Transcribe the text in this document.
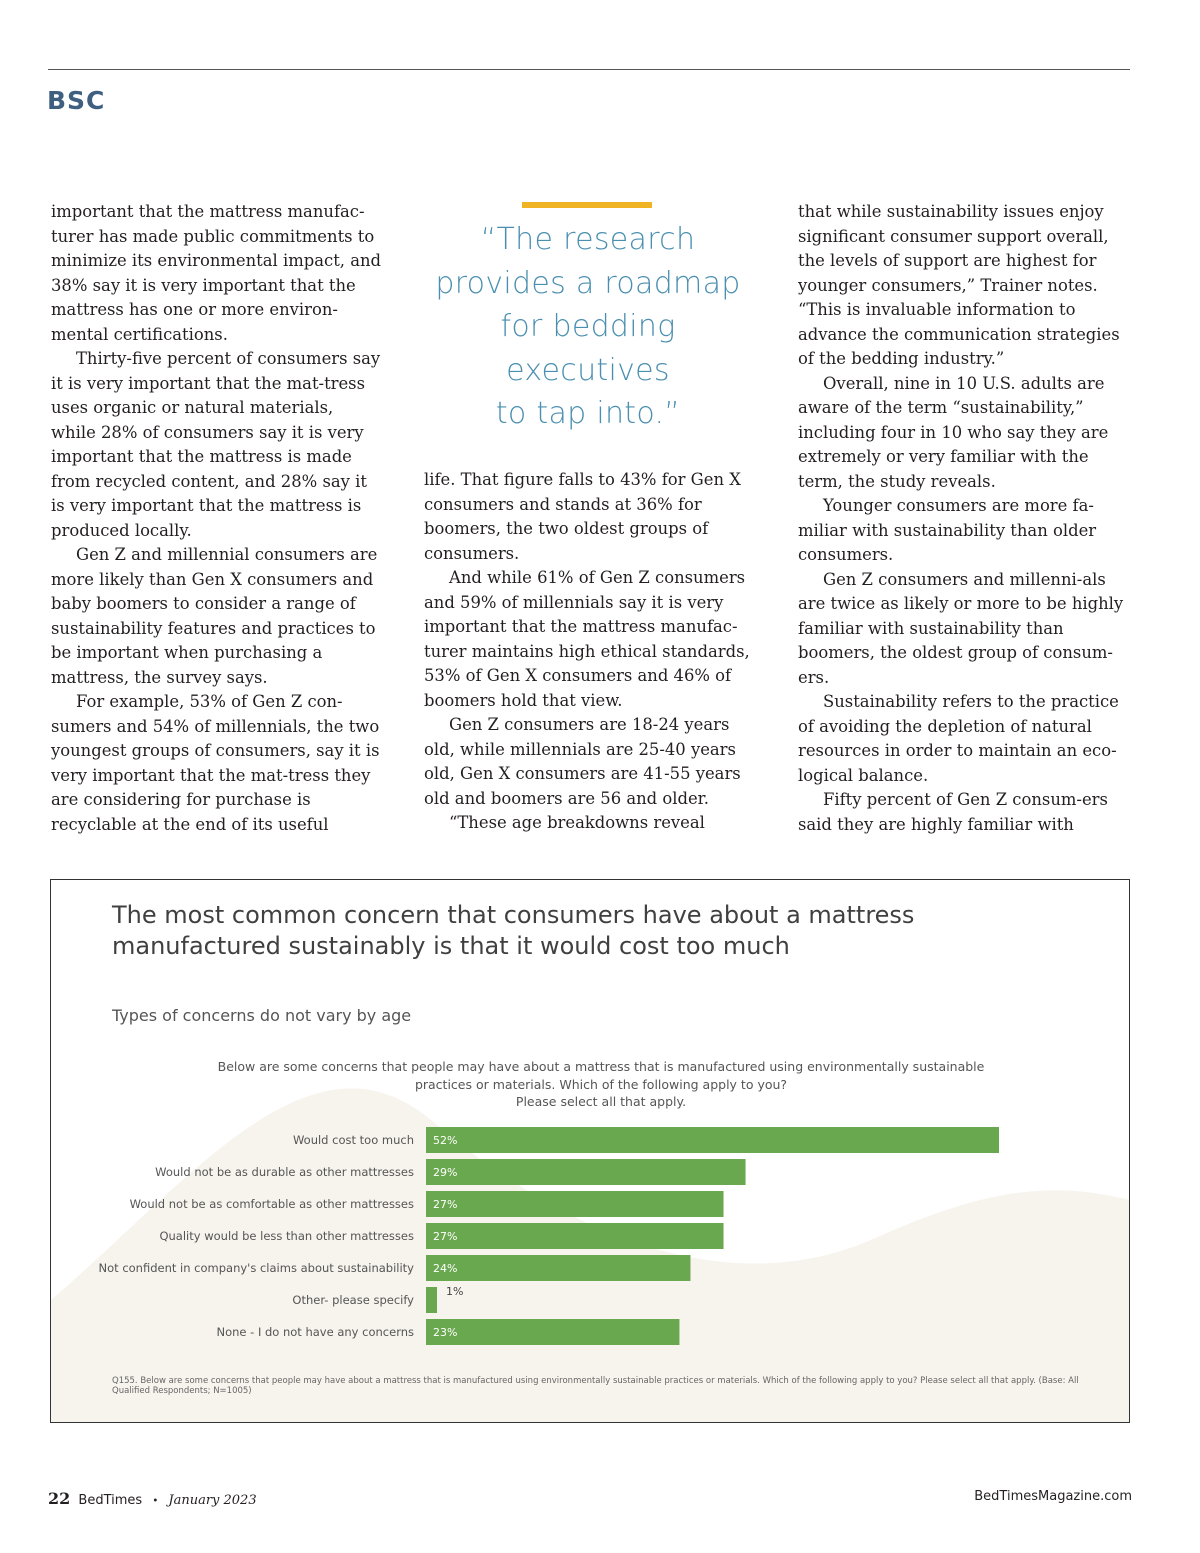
BSC

important that the mattress manufac-turer has made public commitments to minimize its environmental impact, and 38% say it is very important that the mattress has one or more environ-mental certifications.

Thirty-five percent of consumers say it is very important that the mat-tress uses organic or natural materials, while 28% of consumers say it is very important that the mattress is made from recycled content, and 28% say it is very important that the mattress is produced locally.

Gen Z and millennial consumers are more likely than Gen X consumers and baby boomers to consider a range of sustainability features and practices to be important when purchasing a mattress, the survey says.

For example, 53% of Gen Z con-sumers and 54% of millennials, the two youngest groups of consumers, say it is very important that the mat-tress they are considering for purchase is recyclable at the end of its useful

“The research
provides a roadmap
for bedding
executives
to tap into.”

life. That figure falls to 43% for Gen X consumers and stands at 36% for boomers, the two oldest groups of consumers.

And while 61% of Gen Z consumers and 59% of millennials say it is very important that the mattress manufac-turer maintains high ethical standards, 53% of Gen X consumers and 46% of boomers hold that view.

Gen Z consumers are 18-24 years old, while millennials are 25-40 years old, Gen X consumers are 41-55 years old and boomers are 56 and older.

“These age breakdowns reveal

that while sustainability issues enjoy significant consumer support overall, the levels of support are highest for younger consumers,” Trainer notes. “This is invaluable information to advance the communication strategies of the bedding industry.”

Overall, nine in 10 U.S. adults are aware of the term “sustainability,” including four in 10 who say they are extremely or very familiar with the term, the study reveals.

Younger consumers are more fa-miliar with sustainability than older consumers.

Gen Z consumers and millenni-als are twice as likely or more to be highly familiar with sustainability than boomers, the oldest group of consum-ers.

Sustainability refers to the practice of avoiding the depletion of natural resources in order to maintain an eco-logical balance.

Fifty percent of Gen Z consum-ers said they are highly familiar with

Would cost too much 52%
Would not be as durable as other mattresses 29%
Would not be as comfortable as other mattresses 27%
Quality would be less than other mattresses 27%
Not confident in company's claims about sustainability 24%
Other- please specify
1%
None - I do not have any concerns 23%
The most common concern that consumers have about a mattress manufactured sustainably is that it would cost too much

Types of concerns do not vary by age

Below are some concerns that people may have about a mattress that is manufactured using environmentally sustainable
practices or materials. Which of the following apply to you?
Please select all that apply.

Q155. Below are some concerns that people may have about a mattress that is manufactured using environmentally sustainable practices or materials. Which of the following apply to you? Please select all that apply. (Base: All Qualified Respondents; N=1005)

22 BedTimes • January 2023	BedTimesMagazine.com
